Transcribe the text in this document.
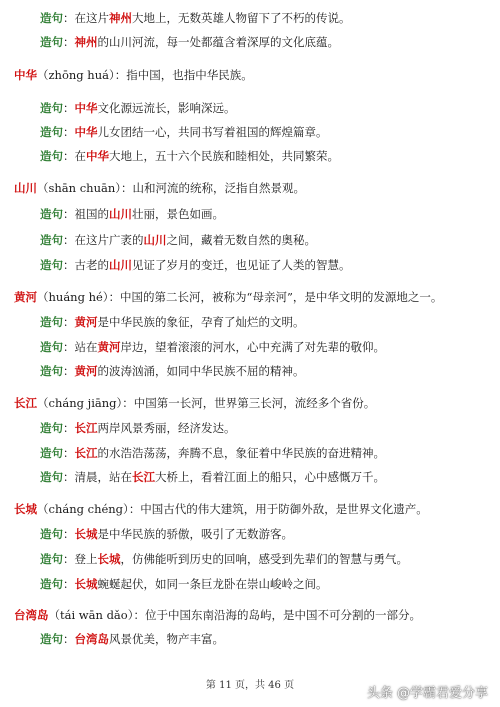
造句：在这片神州大地上，无数英雄人物留下了不朽的传说。
造句：神州的山川河流，每一处都蕴含着深厚的文化底蕴。
中华（zhōng huá）：指中国，也指中华民族。
造句：中华文化源远流长，影响深远。
造句：中华儿女团结一心，共同书写着祖国的辉煌篇章。
造句：在中华大地上，五十六个民族和睦相处，共同繁荣。
山川（shān chuān）：山和河流的统称，泛指自然景观。
造句：祖国的山川壮丽，景色如画。
造句：在这片广袤的山川之间，藏着无数自然的奥秘。
造句：古老的山川见证了岁月的变迁，也见证了人类的智慧。
黄河（huáng hé）：中国的第二长河，被称为“母亲河”，是中华文明的发源地之一。
造句：黄河是中华民族的象征，孕育了灿烂的文明。
造句：站在黄河岸边，望着滚滚的河水，心中充满了对先辈的敬仰。
造句：黄河的波涛汹涌，如同中华民族不屈的精神。
长江（cháng jiāng）：中国第一长河，世界第三长河，流经多个省份。
造句：长江两岸风景秀丽，经济发达。
造句：长江的水浩浩荡荡，奔腾不息，象征着中华民族的奋进精神。
造句：清晨，站在长江大桥上，看着江面上的船只，心中感慨万千。
长城（cháng chéng）：中国古代的伟大建筑，用于防御外敌，是世界文化遗产。
造句：长城是中华民族的骄傲，吸引了无数游客。
造句：登上长城，仿佛能听到历史的回响，感受到先辈们的智慧与勇气。
造句：长城蜿蜒起伏，如同一条巨龙卧在崇山峻岭之间。
台湾岛（tái wān dǎo）：位于中国东南沿海的岛屿，是中国不可分割的一部分。
造句：台湾岛风景优美，物产丰富。
第 11 页，共 46 页
头条 @学霸君爱分享
